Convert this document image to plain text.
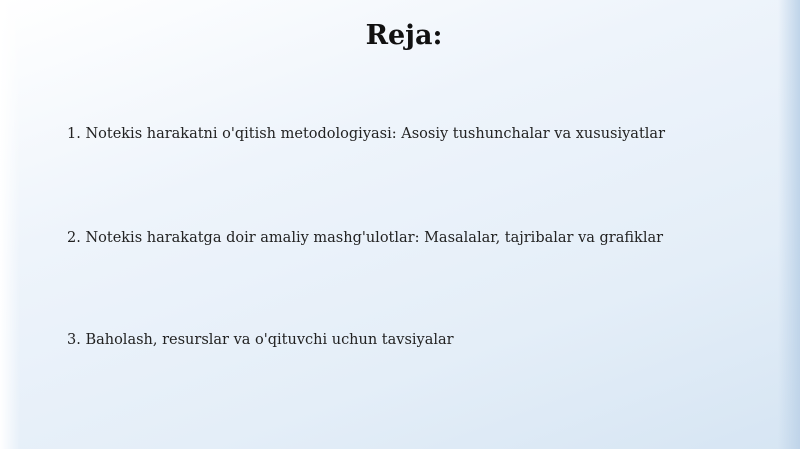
Reja:
1. Notekis harakatni o'qitish metodologiyasi: Asosiy tushunchalar va xususiyatlar
2. Notekis harakatga doir amaliy mashg'ulotlar: Masalalar, tajribalar va grafiklar
3. Baholash, resurslar va o'qituvchi uchun tavsiyalar
